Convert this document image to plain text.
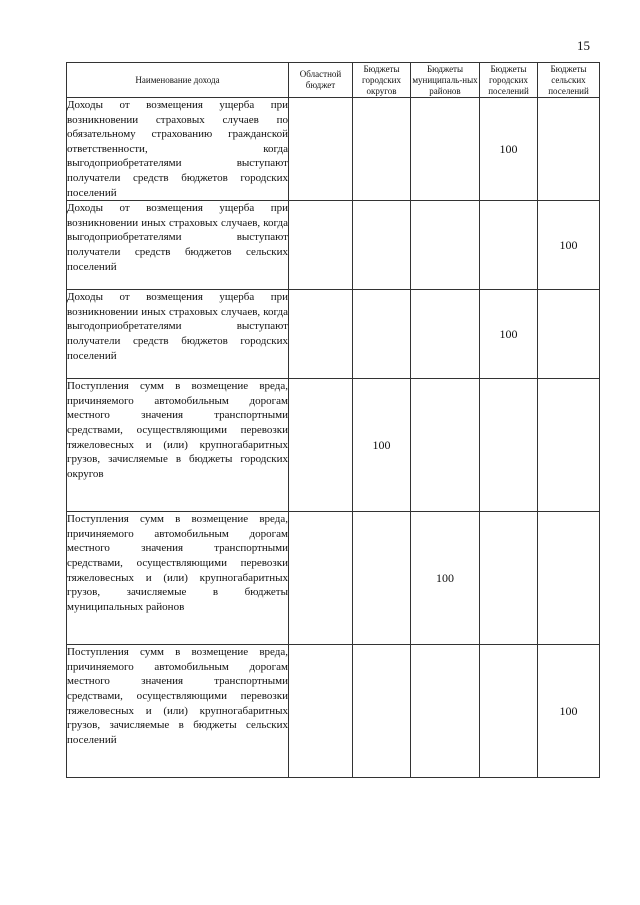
15
Наименование дохода	Областной бюджет	Бюджеты городских округов	Бюджеты муниципаль-ных районов	Бюджеты городских поселений	Бюджеты сельских поселений
Доходы от возмещения ущерба при возникновении страховых случаев по обязательному страхованию гражданской ответственности, когда выгодоприобретателями выступают получатели средств бюджетов городских поселений				100	
Доходы от возмещения ущерба при возникновении иных страховых случаев, когда выгодоприобретателями выступают получатели средств бюджетов сельских поселений					100
Доходы от возмещения ущерба при возникновении иных страховых случаев, когда выгодоприобретателями выступают получатели средств бюджетов городских поселений				100	
Поступления сумм в возмещение вреда, причиняемого автомобильным дорогам местного значения транспортными средствами, осуществляющими перевозки тяжеловесных и (или) крупногабаритных грузов, зачисляемые в бюджеты городских округов		100			
Поступления сумм в возмещение вреда, причиняемого автомобильным дорогам местного значения транспортными средствами, осуществляющими перевозки тяжеловесных и (или) крупногабаритных грузов, зачисляемые в бюджеты муниципальных районов			100		
Поступления сумм в возмещение вреда, причиняемого автомобильным дорогам местного значения транспортными средствами, осуществляющими перевозки тяжеловесных и (или) крупногабаритных грузов, зачисляемые в бюджеты сельских поселений					100
